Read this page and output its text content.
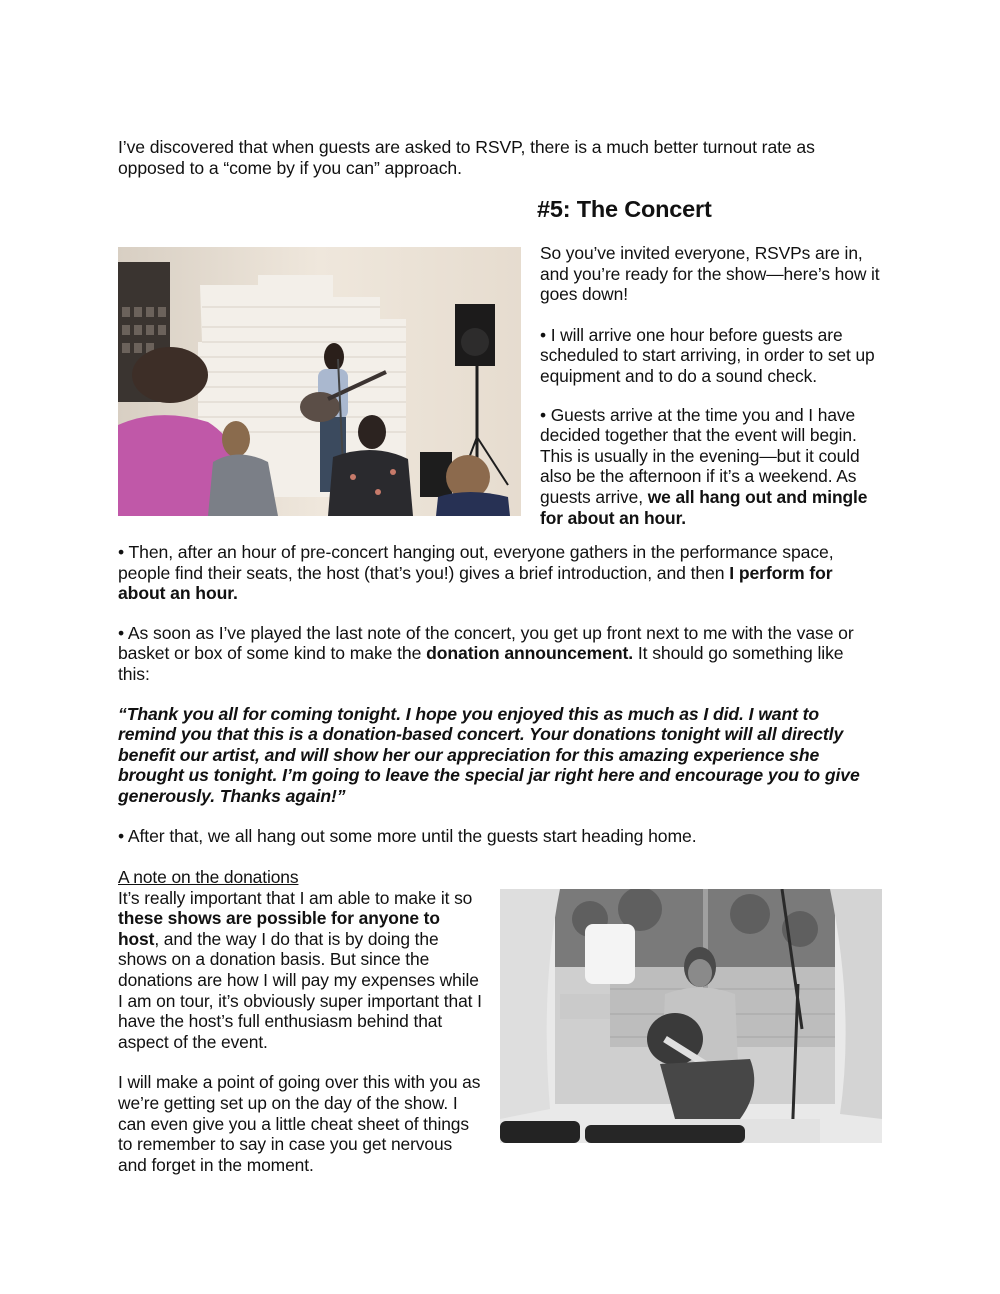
I’ve discovered that when guests are asked to RSVP, there is a much better turnout rate as opposed to a “come by if you can” approach.

#5: The Concert

So you’ve invited everyone, RSVPs are in, and you’re ready for the show—here’s how it goes down!

• I will arrive one hour before guests are scheduled to start arriving, in order to set up equipment and to do a sound check.

• Guests arrive at the time you and I have decided together that the event will begin. This is usually in the evening—but it could also be the afternoon if it’s a weekend. As guests arrive, we all hang out and mingle for about an hour.

• Then, after an hour of pre-concert hanging out, everyone gathers in the performance space, people find their seats, the host (that’s you!) gives a brief introduction, and then I perform for about an hour.

• As soon as I’ve played the last note of the concert, you get up front next to me with the vase or basket or box of some kind to make the donation announcement. It should go something like this:

“Thank you all for coming tonight. I hope you enjoyed this as much as I did. I want to remind you that this is a donation-based concert. Your donations tonight will all directly benefit our artist, and will show her our appreciation for this amazing experience she brought us tonight. I’m going to leave the special jar right here and encourage you to give generously. Thanks again!”

• After that, we all hang out some more until the guests start heading home.

A note on the donations

It’s really important that I am able to make it so these shows are possible for anyone to host, and the way I do that is by doing the shows on a donation basis. But since the donations are how I will pay my expenses while I am on tour, it’s obviously super important that I have the host’s full enthusiasm behind that aspect of the event.

I will make a point of going over this with you as we’re getting set up on the day of the show. I can even give you a little cheat sheet of things to remember to say in case you get nervous and forget in the moment.
